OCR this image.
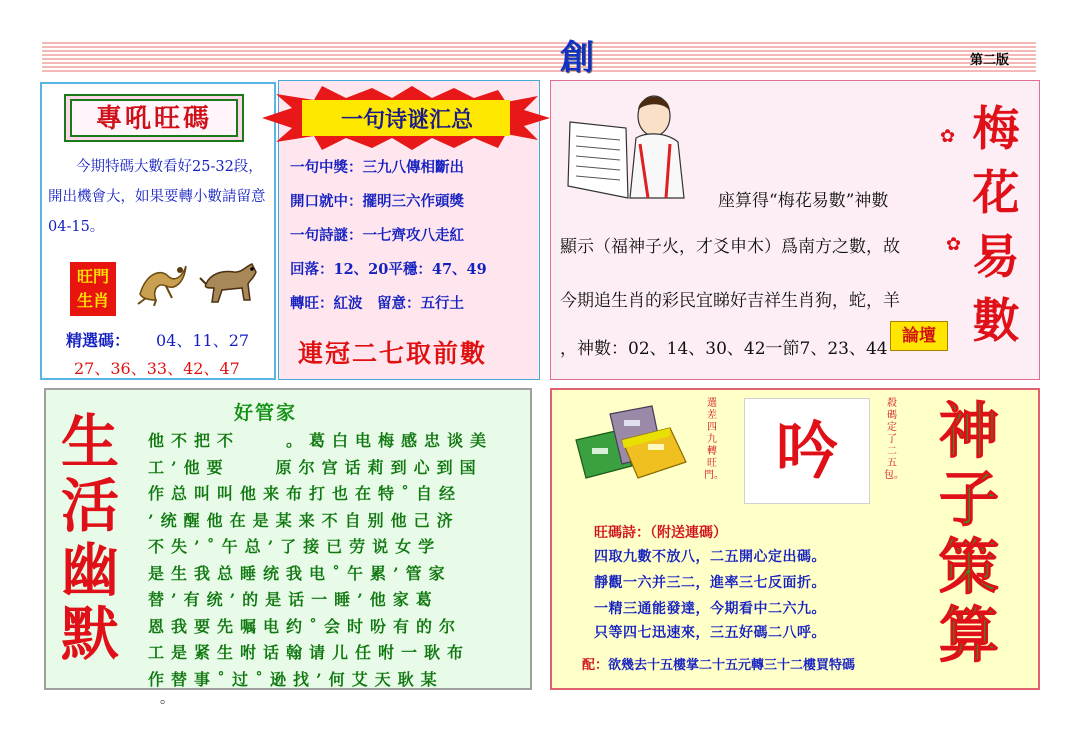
創	第二版
專吼旺碼
今期特碼大數看好25-32段，開出機會大，如果要轉小數請留意04-15。
旺門
生肖
精選碼： 04、11、27
27、36、33、42、47
一句诗谜汇总
一句中獎：三九八傳相斷出
開口就中：擺明三六作頭獎
一句詩謎：一七齊攻八走紅
回落：12、20平穩：47、49
轉旺：紅波　留意：五行土
連冠二七取前數
座算得“梅花易數”神數
顯示（福神子火，才爻申木）爲南方之數，故
今期追生肖的彩民宜睇好吉祥生肖狗，蛇，羊
，神數：02、14、30、42一節7、23、44
論壇
梅花易數
✿
✿
生活幽默
好管家
他不把不　　。葛白电梅感忠谈美
工’他要　　原尔宫话莉到心到国
作总叫叫他来布打也在特˚自经
’统醒他在是某来不自别他己济
不失’˚午总’了接已劳说女学
是生我总睡统我电˚午累’管家
替’有统’的是话一睡’他家葛
恩我要先嘱电约˚会时吩有的尔
工是紧生咐话翰请儿任咐一耿布
作替事˚过˚逊找’何艾天耿某
。
選差四九轉旺門。 吟
殺碼定了二五包。
神子策算
旺碼詩：（附送連碼）
四取九數不放八，二五開心定出碼。
靜觀一六并三二，進率三七反面折。
一精三通能發達，今期看中二六九。
只等四七迅速來，三五好碼二八呼。
配：欲幾去十五樓掌二十五元轉三十二樓買特碼
